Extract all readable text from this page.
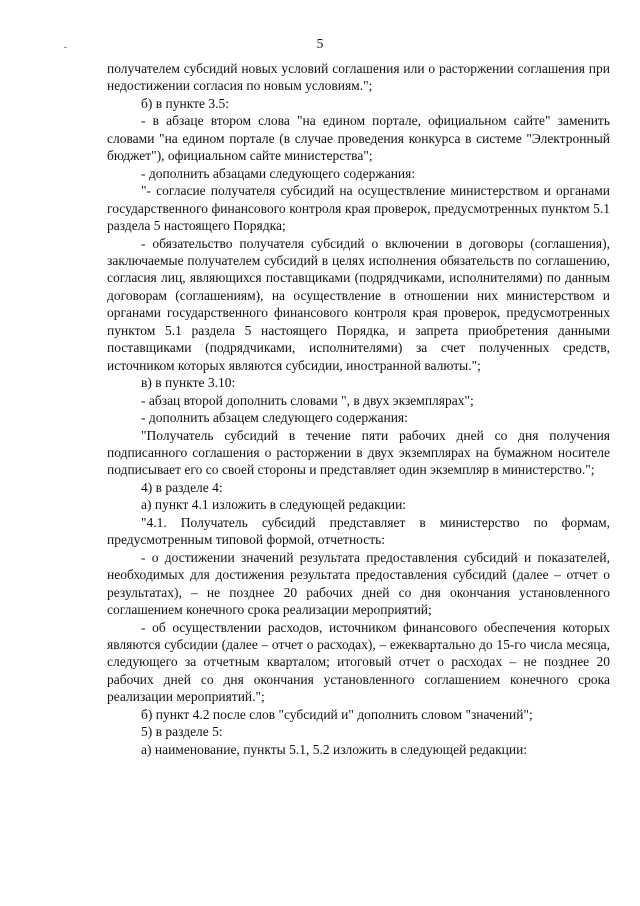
5

получателем субсидий новых условий соглашения или о расторжении соглашения при недостижении согласия по новым условиям.";

б) в пункте 3.5:

- в абзаце втором слова "на едином портале, официальном сайте" заменить словами "на едином портале (в случае проведения конкурса в системе "Электронный бюджет"), официальном сайте министерства";

- дополнить абзацами следующего содержания:

"- согласие получателя субсидий на осуществление министерством и органами государственного финансового контроля края проверок, предусмотренных пунктом 5.1 раздела 5 настоящего Порядка;

- обязательство получателя субсидий о включении в договоры (соглашения), заключаемые получателем субсидий в целях исполнения обязательств по соглашению, согласия лиц, являющихся поставщиками (подрядчиками, исполнителями) по данным договорам (соглашениям), на осуществление в отношении них министерством и органами государственного финансового контроля края проверок, предусмотренных пунктом 5.1 раздела 5 настоящего Порядка, и запрета приобретения данными поставщиками (подрядчиками, исполнителями) за счет полученных средств, источником которых являются субсидии, иностранной валюты.";

в) в пункте 3.10:

- абзац второй дополнить словами ", в двух экземплярах";

- дополнить абзацем следующего содержания:

"Получатель субсидий в течение пяти рабочих дней со дня получения подписанного соглашения о расторжении в двух экземплярах на бумажном носителе подписывает его со своей стороны и представляет один экземпляр в министерство.";

4) в разделе 4:

а) пункт 4.1 изложить в следующей редакции:

"4.1. Получатель субсидий представляет в министерство по формам, предусмотренным типовой формой, отчетность:

- о достижении значений результата предоставления субсидий и показателей, необходимых для достижения результата предоставления субсидий (далее – отчет о результатах), – не позднее 20 рабочих дней со дня окончания установленного соглашением конечного срока реализации мероприятий;

- об осуществлении расходов, источником финансового обеспечения которых являются субсидии (далее – отчет о расходах), – ежеквартально до 15-го числа месяца, следующего за отчетным кварталом; итоговый отчет о расходах – не позднее 20 рабочих дней со дня окончания установленного соглашением конечного срока реализации мероприятий.";

б) пункт 4.2 после слов "субсидий и" дополнить словом "значений";

5) в разделе 5:

а) наименование, пункты 5.1, 5.2 изложить в следующей редакции:
